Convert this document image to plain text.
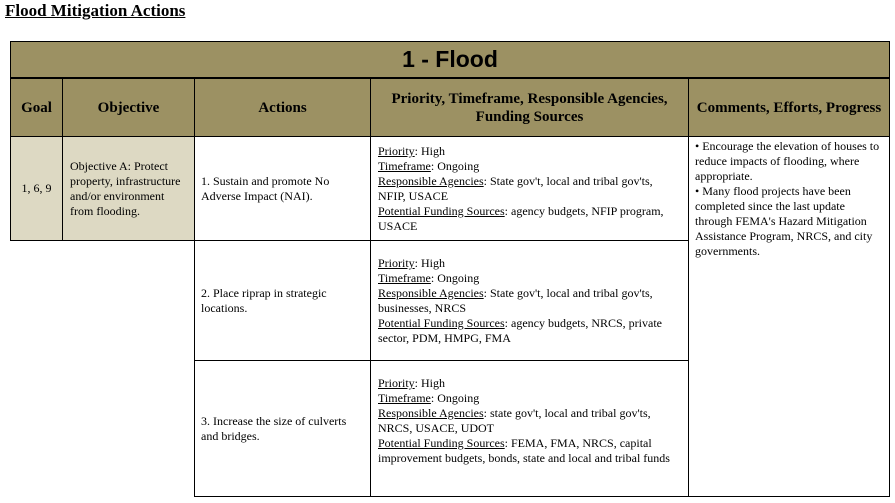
Flood Mitigation Actions
1 - Flood
Goal	Objective	Actions
Priority, Timeframe, Responsible Agencies, Funding Sources
Comments, Efforts, Progress
1, 6, 9
Objective A: Protect property, infrastructure and/or environment from flooding.
1. Sustain and promote No Adverse Impact (NAI).
2. Place riprap in strategic locations.
3. Increase the size of culverts and bridges.
Priority: High
Timeframe: Ongoing
Responsible Agencies: State gov't, local and tribal gov'ts, NFIP, USACE
Potential Funding Sources: agency budgets, NFIP program, USACE
Priority: High
Timeframe: Ongoing
Responsible Agencies: State gov't, local and tribal gov'ts, businesses, NRCS
Potential Funding Sources: agency budgets, NRCS, private sector, PDM, HMPG, FMA
Priority: High
Timeframe: Ongoing
Responsible Agencies: state gov't, local and tribal gov'ts, NRCS, USACE, UDOT
Potential Funding Sources: FEMA, FMA, NRCS, capital improvement budgets, bonds, state and local and tribal funds
• Encourage the elevation of houses to reduce impacts of flooding, where appropriate.
• Many flood projects have been completed since the last update through FEMA's Hazard Mitigation Assistance Program, NRCS, and city governments.
